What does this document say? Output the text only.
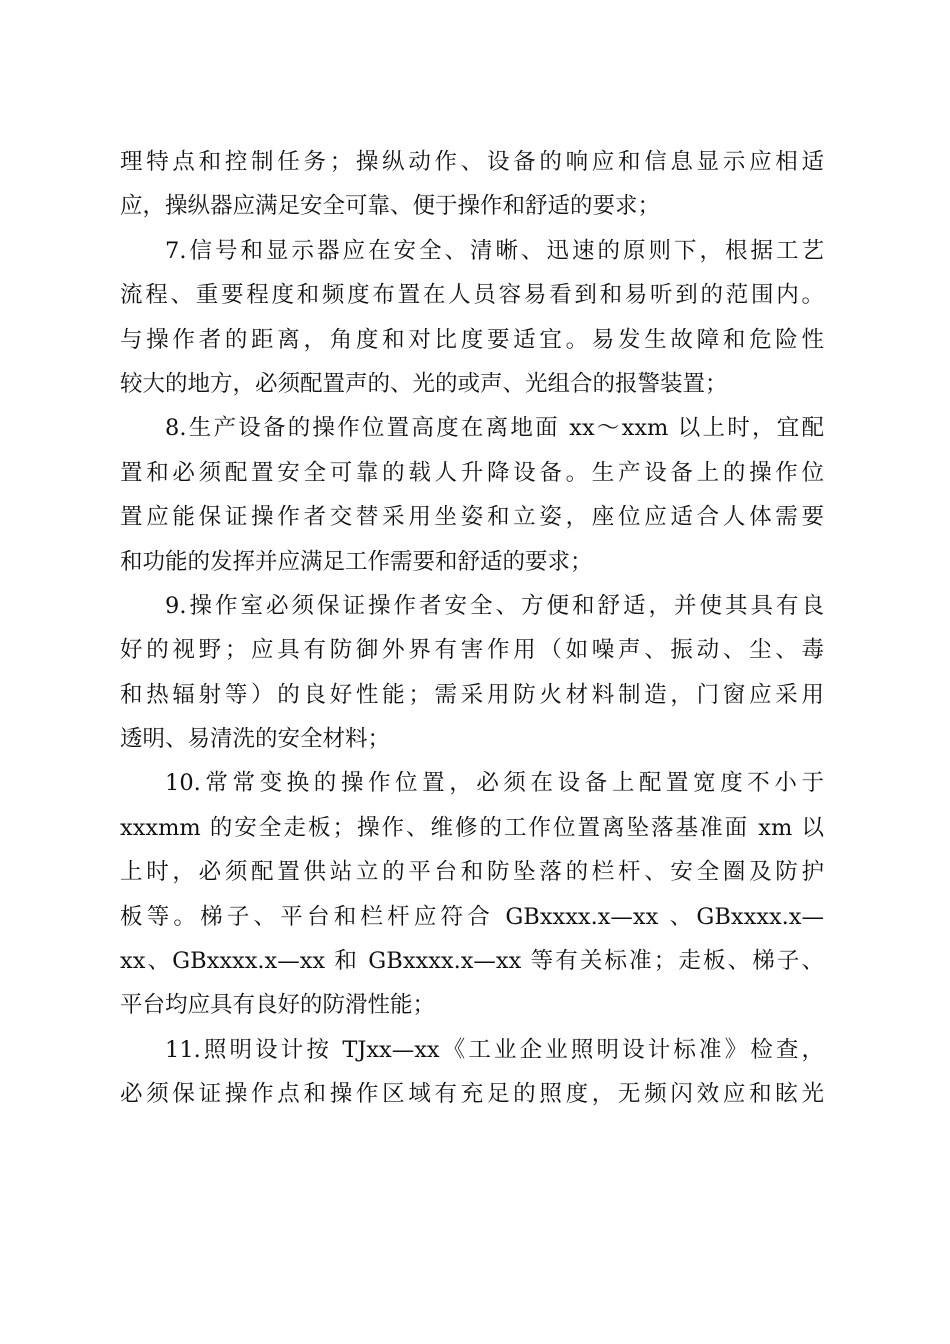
理特点和控制任务；操纵动作、设备的响应和信息显示应相适
应，操纵器应满足安全可靠、便于操作和舒适的要求；
7.信号和显示器应在安全、清晰、迅速的原则下，根据工艺
流程、重要程度和频度布置在人员容易看到和易听到的范围内。
与操作者的距离，角度和对比度要适宜。易发生故障和危险性
较大的地方，必须配置声的、光的或声、光组合的报警装置；
8.生产设备的操作位置高度在离地面 xx～xxm 以上时，宜配
置和必须配置安全可靠的载人升降设备。生产设备上的操作位
置应能保证操作者交替采用坐姿和立姿，座位应适合人体需要
和功能的发挥并应满足工作需要和舒适的要求；
9.操作室必须保证操作者安全、方便和舒适，并使其具有良
好的视野；应具有防御外界有害作用（如噪声、振动、尘、毒
和热辐射等）的良好性能；需采用防火材料制造，门窗应采用
透明、易清洗的安全材料；
10.常常变换的操作位置，必须在设备上配置宽度不小于
xxxmm 的安全走板；操作、维修的工作位置离坠落基准面 xm 以
上时，必须配置供站立的平台和防坠落的栏杆、安全圈及防护
板等。梯子、平台和栏杆应符合 GBxxxx.x—xx 、GBxxxx.x—
xx、GBxxxx.x—xx 和 GBxxxx.x—xx 等有关标准；走板、梯子、
平台均应具有良好的防滑性能；
11.照明设计按 TJxx—xx《工业企业照明设计标准》检查，
必须保证操作点和操作区域有充足的照度，无频闪效应和眩光
